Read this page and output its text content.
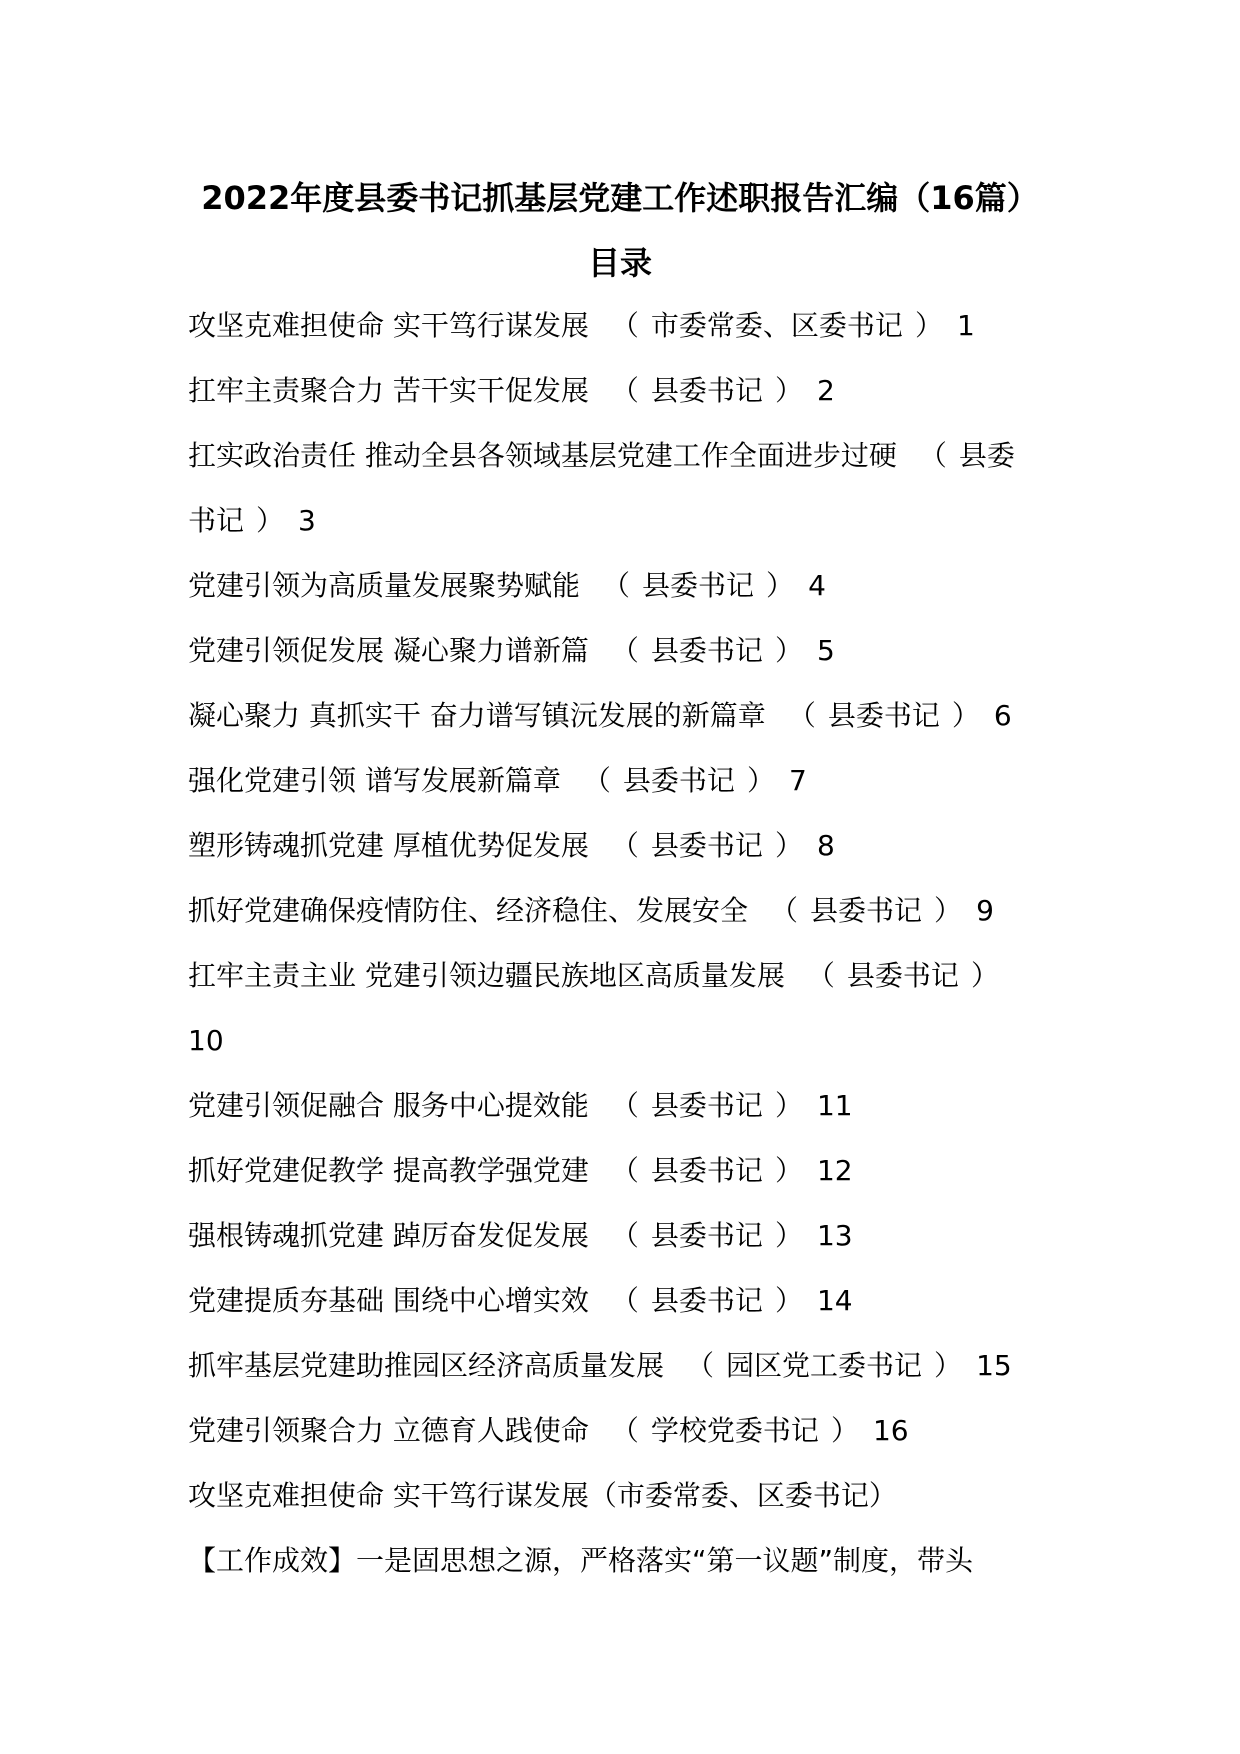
2022年度县委书记抓基层党建工作述职报告汇编（16篇）
目录
攻坚克难担使命 实干笃行谋发展 （ 市委常委、区委书记 ） 1
扛牢主责聚合力 苦干实干促发展 （ 县委书记 ） 2
扛实政治责任 推动全县各领域基层党建工作全面进步过硬 （ 县委
书记 ） 3
党建引领为高质量发展聚势赋能 （ 县委书记 ） 4
党建引领促发展 凝心聚力谱新篇 （ 县委书记 ） 5
凝心聚力 真抓实干 奋力谱写镇沅发展的新篇章 （ 县委书记 ） 6
强化党建引领 谱写发展新篇章 （ 县委书记 ） 7
塑形铸魂抓党建 厚植优势促发展 （ 县委书记 ） 8
抓好党建确保疫情防住、经济稳住、发展安全 （ 县委书记 ） 9
扛牢主责主业 党建引领边疆民族地区高质量发展 （ 县委书记 ）
10
党建引领促融合 服务中心提效能 （ 县委书记 ） 11
抓好党建促教学 提高教学强党建 （ 县委书记 ） 12
强根铸魂抓党建 踔厉奋发促发展 （ 县委书记 ） 13
党建提质夯基础 围绕中心增实效 （ 县委书记 ） 14
抓牢基层党建助推园区经济高质量发展 （ 园区党工委书记 ） 15
党建引领聚合力 立德育人践使命 （ 学校党委书记 ） 16
攻坚克难担使命 实干笃行谋发展（市委常委、区委书记）
【工作成效】一是固思想之源，严格落实“第一议题”制度，带头
